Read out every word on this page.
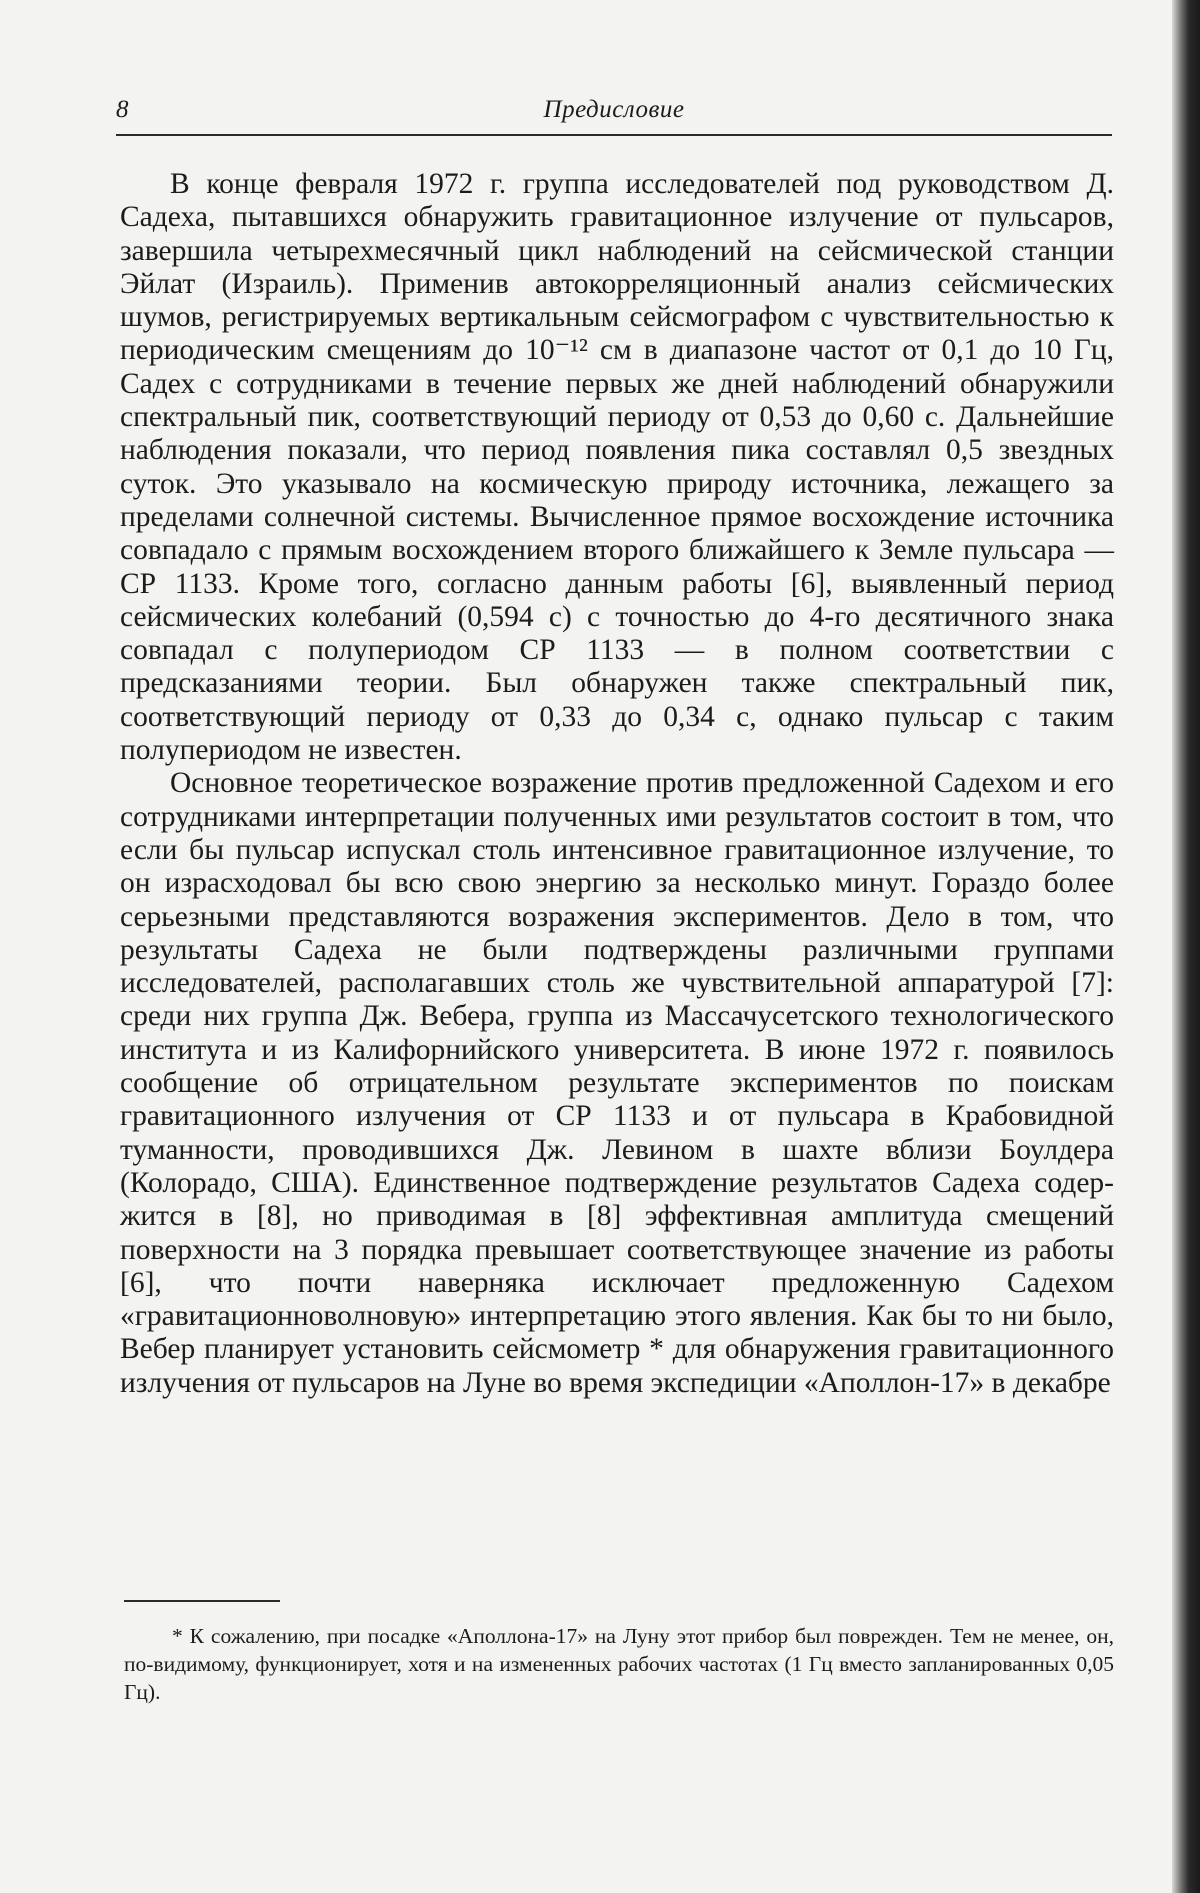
8	Предисловие

В конце февраля 1972 г. группа исследователей под руководством Д. Садеха, пытавшихся обнаружить гравитационное излучение от пульсаров, завершила четырехмесячный цикл наблюдений на сейсмической станции Эйлат (Израиль). Применив автокорреляционный анализ сейсмических шумов, регистрируемых вертикальным сейсмографом с чувствительностью к периодическим смещениям до 10⁻¹² см в диапазоне частот от 0,1 до 10 Гц, Садех с сотрудниками в течение первых же дней наблюдений обнаружили спектральный пик, соответствующий периоду от 0,53 до 0,60 с. Дальнейшие наблюдения показали, что период появления пика составлял 0,5 звездных суток. Это указывало на космическую природу источника, лежащего за пределами солнечной системы. Вычисленное прямое восхождение источника совпадало с прямым восхождением второго ближайшего к Земле пульсара — СР 1133. Кроме того, согласно данным работы [6], выявленный период сейсмических колебаний (0,594 с) с точностью до 4-го десятичного знака совпадал с полупериодом СР 1133 — в полном соответствии с предсказаниями теории. Был обнаружен также спектральный пик, соответствующий периоду от 0,33 до 0,34 с, однако пульсар с таким полупериодом не известен.

Основное теоретическое возражение против предложенной Садехом и его сотрудниками интерпретации полученных ими результатов состоит в том, что если бы пульсар испускал столь интенсивное гравитационное излучение, то он израсходовал бы всю свою энергию за несколько минут. Гораздо более серьезными представляются возражения экспериментов. Дело в том, что результаты Садеха не были подтверждены различными группами исследователей, располагавших столь же чувствительной аппаратурой [7]: среди них группа Дж. Вебера, группа из Массачусетского технологического института и из Калифорнийского университета. В июне 1972 г. появилось сообщение об отрицательном результате экспериментов по поискам гравитационного излучения от СР 1133 и от пульсара в Крабовидной туманности, проводившихся Дж. Левином в шахте вблизи Боулдера (Колорадо, США). Единственное подтверждение результатов Садеха содержится в [8], но приводимая в [8] эффективная амплитуда смещений поверхности на 3 порядка превышает соответствующее значение из работы [6], что почти наверняка исключает предложенную Садехом «гравитационноволновую» интерпретацию этого явления. Как бы то ни было, Вебер планирует установить сейсмометр * для обнаружения гравитационного излучения от пульсаров на Луне во время экспедиции «Аполлон-17» в декабре

* К сожалению, при посадке «Аполлона-17» на Луну этот прибор был поврежден. Тем не менее, он, по-видимому, функционирует, хотя и на измененных рабочих частотах (1 Гц вместо запланированных 0,05 Гц).
